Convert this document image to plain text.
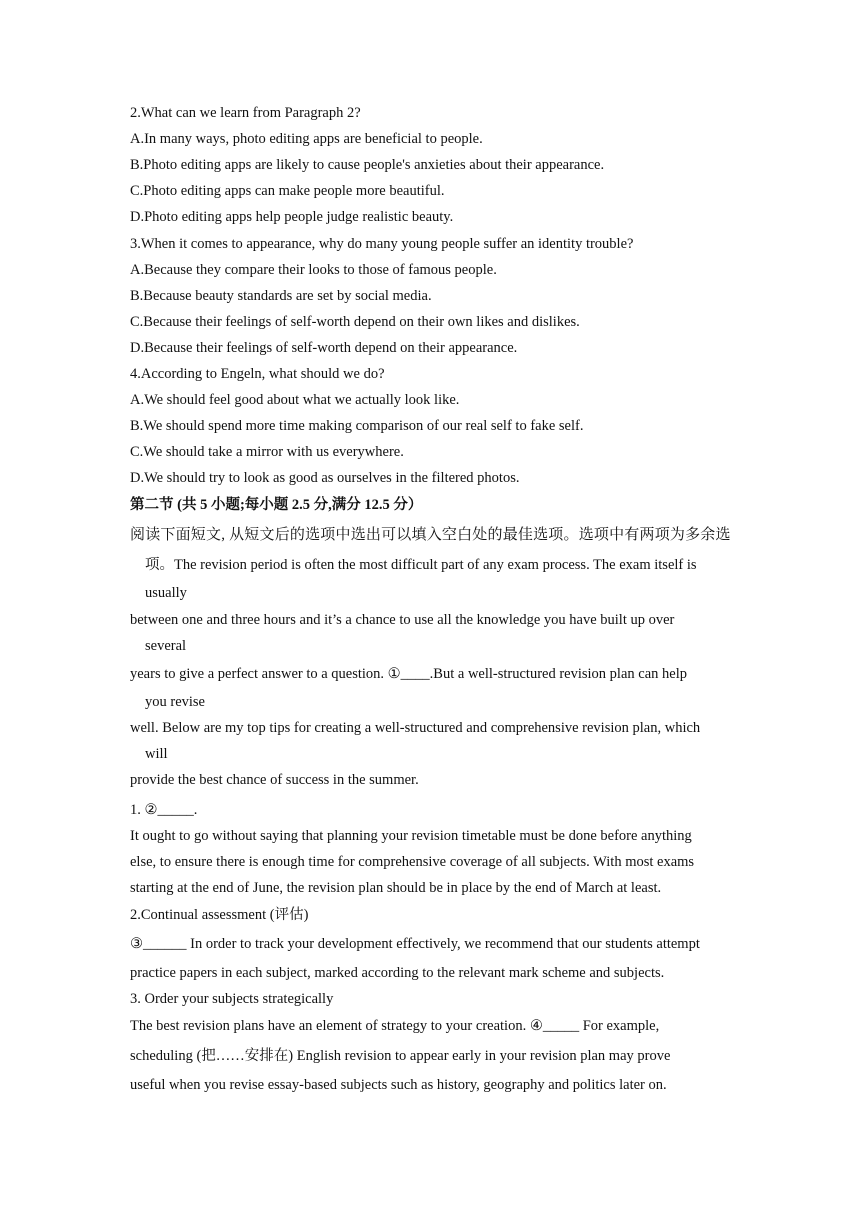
2.What can we learn from Paragraph 2?
A.In many ways, photo editing apps are beneficial to people.
B.Photo editing apps are likely to cause people's anxieties about their appearance.
C.Photo editing apps can make people more beautiful.
D.Photo editing apps help people judge realistic beauty.
3.When it comes to appearance, why do many young people suffer an identity trouble?
A.Because they compare their looks to those of famous people.
B.Because beauty standards are set by social media.
C.Because their feelings of self-worth depend on their own likes and dislikes.
D.Because their feelings of self-worth depend on their appearance.
4.According to Engeln, what should we do?
A.We should feel good about what we actually look like.
B.We should spend more time making comparison of our real self to fake self.
C.We should take a mirror with us everywhere.
D.We should try to look as good as ourselves in the filtered photos.
第二节 (共 5 小题;每小题 2.5 分,满分 12.5 分）
阅读下面短文, 从短文后的选项中选出可以填入空白处的最佳选项。选项中有两项为多余选
项。The revision period is often the most difficult part of any exam process. The exam itself is
usually
between one and three hours and it’s a chance to use all the knowledge you have built up over
several
years to give a perfect answer to a question. ①____.But a well-structured revision plan can help
you revise
well. Below are my top tips for creating a well-structured and comprehensive revision plan, which
will
provide the best chance of success in the summer.
1. ②_____.
It ought to go without saying that planning your revision timetable must be done before anything
else, to ensure there is enough time for comprehensive coverage of all subjects. With most exams
starting at the end of June, the revision plan should be in place by the end of March at least.
2.Continual assessment (评估)
③______ In order to track your development effectively, we recommend that our students attempt
practice papers in each subject, marked according to the relevant mark scheme and subjects.
3. Order your subjects strategically
The best revision plans have an element of strategy to your creation. ④_____ For example,
scheduling (把……安排在) English revision to appear early in your revision plan may prove
useful when you revise essay-based subjects such as history, geography and politics later on.
